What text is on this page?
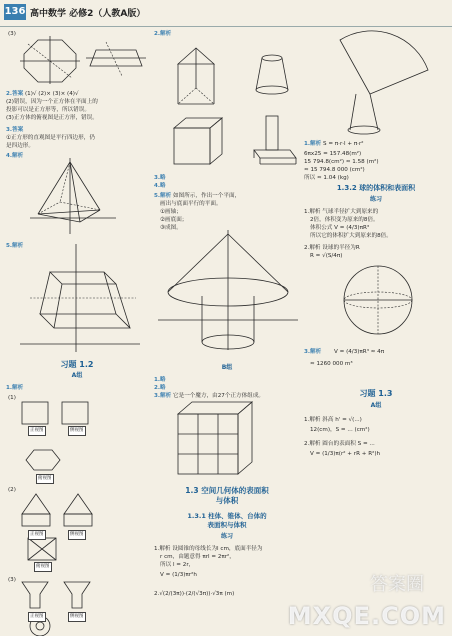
136 高中数学 必修2（人教A版）
(3)
2.答案 (1)√ (2)× (3)× (4)√
(2)错误，因为一个正方体在平面上的
投影可以是正方形等，所以错误。
(3)正方体的俯视图是正方形，错误。
3.答案
①正方形的直观图是平行四边形，仍
是四边形。
4.解析
5.解析
习题 1.2
A组
1.解析
(1)
正视图	侧视图
俯视图
(2)
正视图	侧视图
俯视图
(3)
正视图	侧视图
2.解析
3.略
4.略
5.解析 如图所示，作出一个平面，
画出与底面平行的平面。
①画轴；
②画底面；
③成图。
B组
1.略
2.略
3.解析 它是一个魔方，由27个正方体组成。
1.3 空间几何体的表面积
与体积
1.3.1 柱体、锥体、台体的
表面积与体积
练习
1.解析 设圆锥的母线长为l cm，底面半径为
r cm，由题意得 πrl = 2πr²，
所以 l = 2r，
V = (1/3)πr²h
2.√(2/(3π))·(2/(√3π))·√3π (m)
1.解析 S = π·r·l + π·r²
6πx25 = 157.48(m²)
15 794.8(cm²) ≈ 1.58 (m²)
≈ 15 794.8 000 (cm²)
所以 ≈ 1.04 (kg)
1.3.2 球的体积和表面积
练习
1.解析 气球半径扩大到原来的
2倍，体积变为原来的8倍。
体积公式 V = (4/3)πR³
所以它的体积扩大到原来的8倍。
2.解析 设球的半径为R
R = √(S/4π)
3.解析 V = (4/3)πR³ ≈ 4π
≈ 1260 000 m³
习题 1.3
A组
1.解析 斜高 h' = √(...)
12(cm)，S = ... (cm²)
2.解析 圆台的表面积 S = ...
V = (1/3)π(r² + rR + R²)h
答案圈
MXQE.COM
